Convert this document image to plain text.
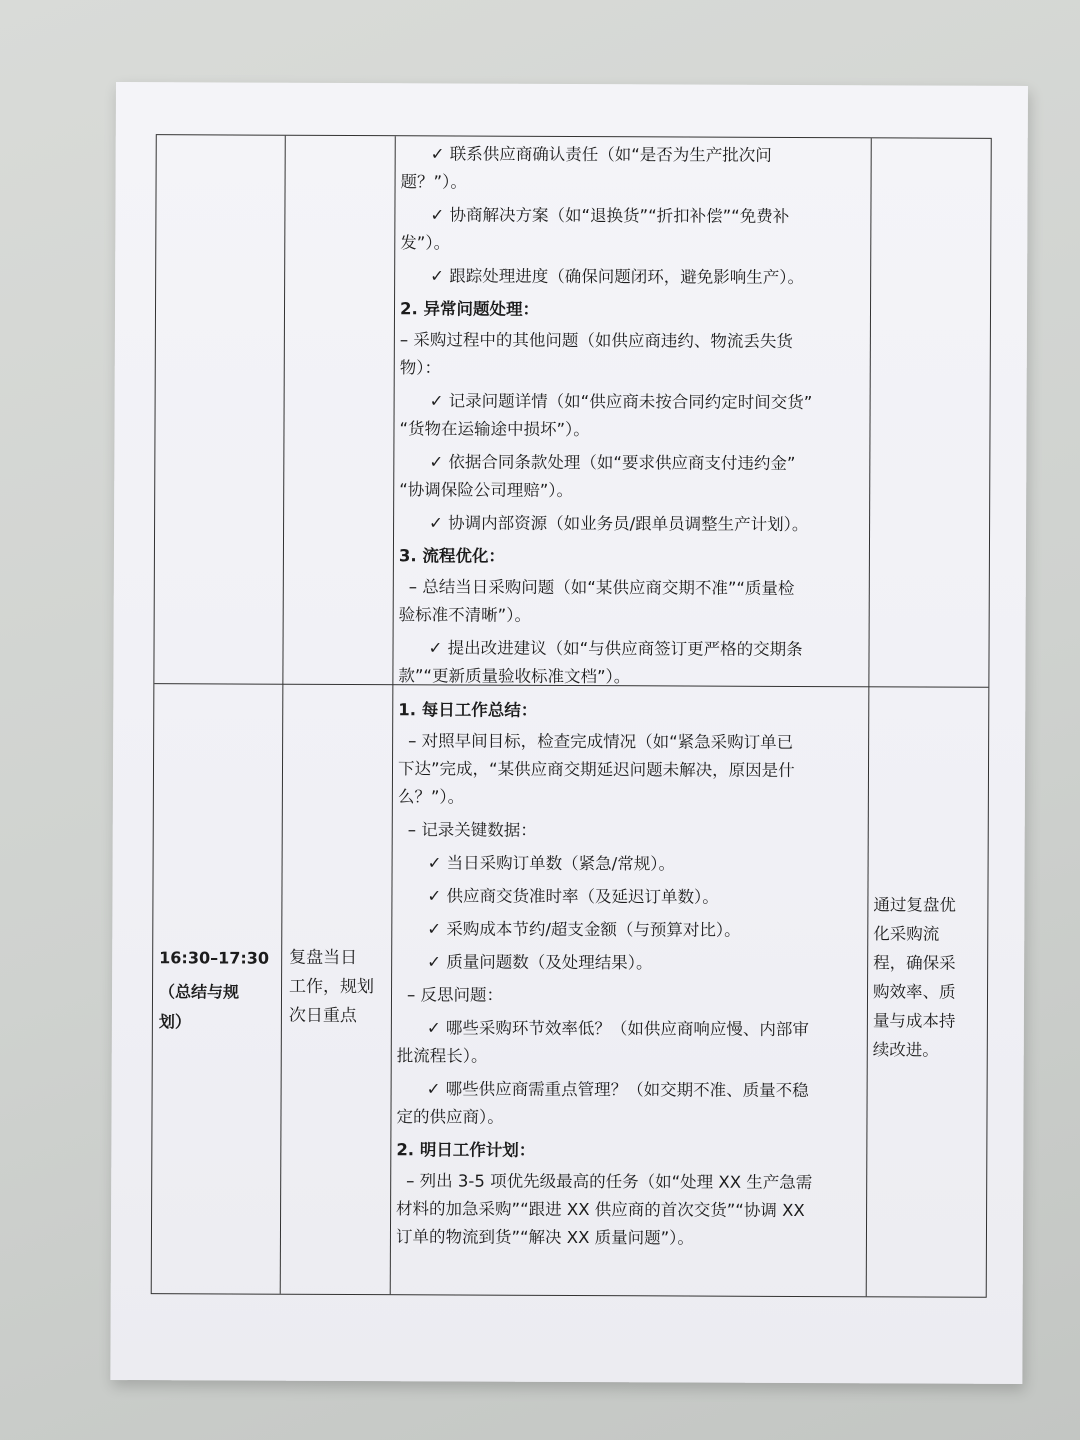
✓ 联系供应商确认责任（如“是否为生产批次问
题？”）。
✓ 协商解决方案（如“退换货”“折扣补偿”“免费补
发”）。
✓ 跟踪处理进度（确保问题闭环，避免影响生产）。
2. 异常问题处理：
– 采购过程中的其他问题（如供应商违约、物流丢失货
物）：
✓ 记录问题详情（如“供应商未按合同约定时间交货”
“货物在运输途中损坏”）。
✓ 依据合同条款处理（如“要求供应商支付违约金”
“协调保险公司理赔”）。
✓ 协调内部资源（如业务员/跟单员调整生产计划）。
3. 流程优化：
– 总结当日采购问题（如“某供应商交期不准”“质量检
验标准不清晰”）。
✓ 提出改进建议（如“与供应商签订更严格的交期条
款”“更新质量验收标准文档”）。
16:30–17:30
（总结与规
划）
复盘当日
工作，规划
次日重点
1. 每日工作总结：
– 对照早间目标，检查完成情况（如“紧急采购订单已
下达”完成，“某供应商交期延迟问题未解决，原因是什
么？”）。
– 记录关键数据：
✓ 当日采购订单数（紧急/常规）。
✓ 供应商交货准时率（及延迟订单数）。
✓ 采购成本节约/超支金额（与预算对比）。
✓ 质量问题数（及处理结果）。
– 反思问题：
✓ 哪些采购环节效率低？（如供应商响应慢、内部审
批流程长）。
✓ 哪些供应商需重点管理？（如交期不准、质量不稳
定的供应商）。
2. 明日工作计划：
– 列出 3-5 项优先级最高的任务（如“处理 XX 生产急需
材料的加急采购”“跟进 XX 供应商的首次交货”“协调 XX
订单的物流到货”“解决 XX 质量问题”）。
通过复盘优
化采购流
程，确保采
购效率、质
量与成本持
续改进。
